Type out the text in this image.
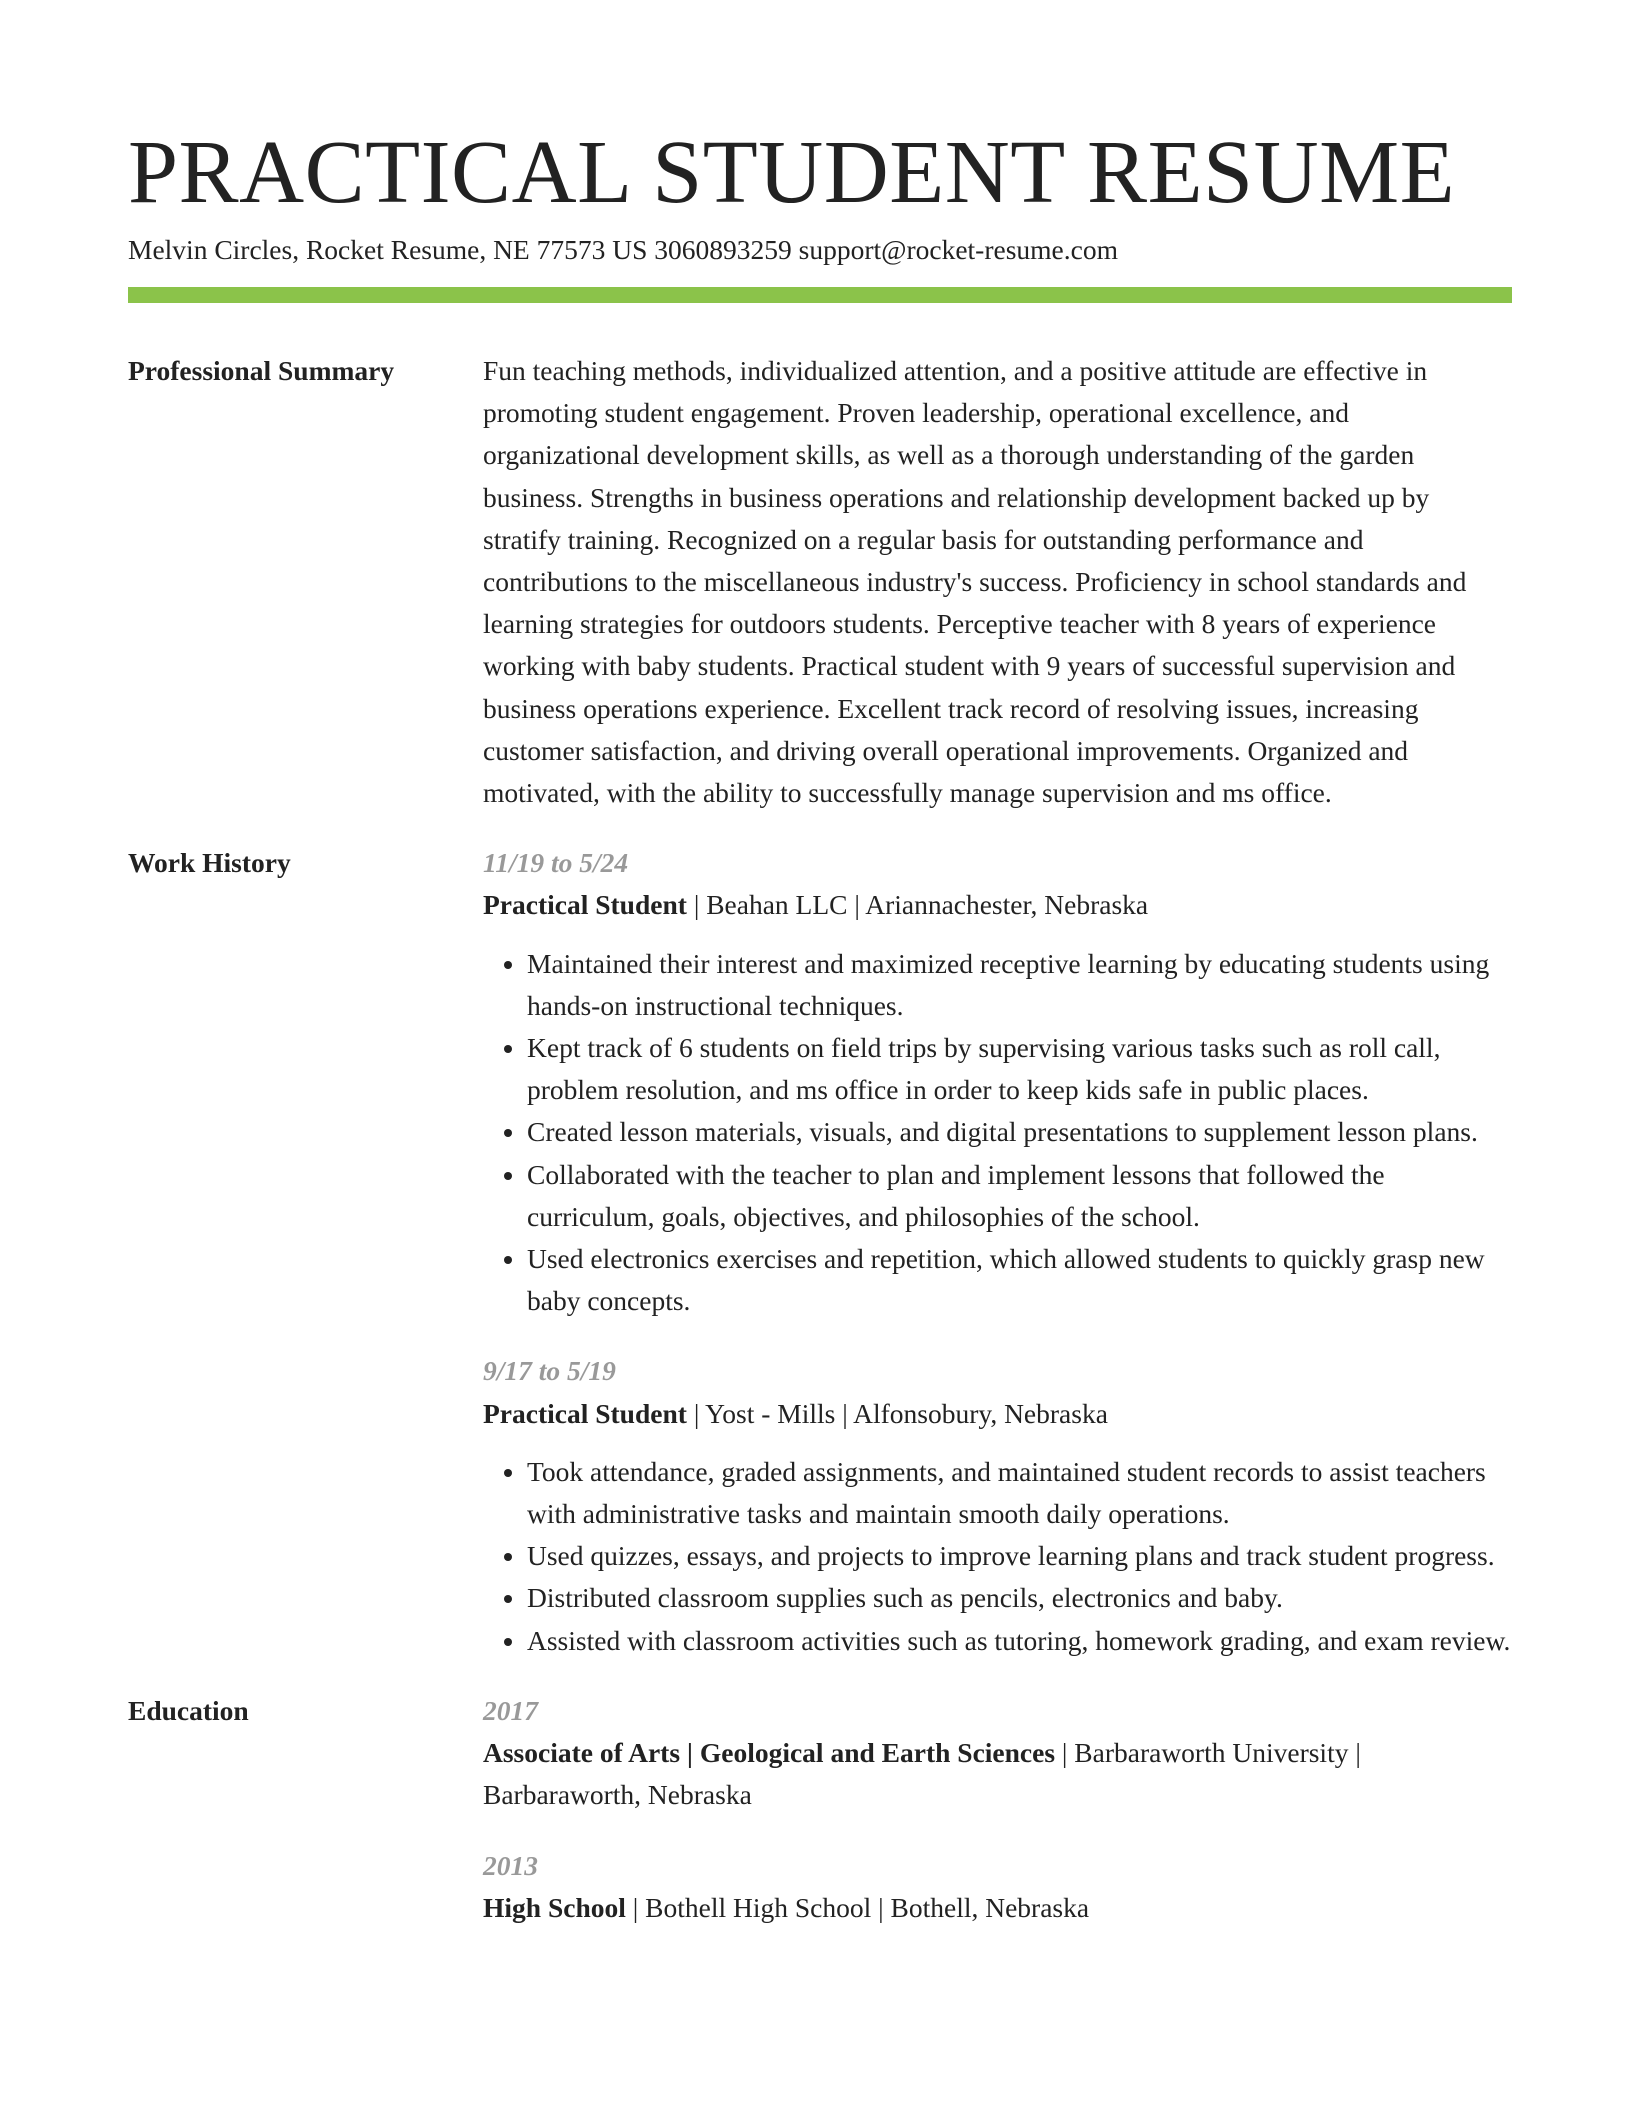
PRACTICAL STUDENT RESUME
Melvin Circles, Rocket Resume, NE 77573 US 3060893259 support@rocket-resume.com
Professional Summary	Fun teaching methods, individualized attention, and a positive attitude are effective in promoting student engagement. Proven leadership, operational excellence, and organizational development skills, as well as a thorough understanding of the garden business. Strengths in business operations and relationship development backed up by stratify training. Recognized on a regular basis for outstanding performance and contributions to the miscellaneous industry's success. Proficiency in school standards and learning strategies for outdoors students. Perceptive teacher with 8 years of experience working with baby students. Practical student with 9 years of successful supervision and business operations experience. Excellent track record of resolving issues, increasing customer satisfaction, and driving overall operational improvements. Organized and motivated, with the ability to successfully manage supervision and ms office.

Work History	11/19 to 5/24
Practical Student | Beahan LLC | Ariannachester, Nebraska
• Maintained their interest and maximized receptive learning by educating students using hands-on instructional techniques.
• Kept track of 6 students on field trips by supervising various tasks such as roll call, problem resolution, and ms office in order to keep kids safe in public places.
• Created lesson materials, visuals, and digital presentations to supplement lesson plans.
• Collaborated with the teacher to plan and implement lessons that followed the curriculum, goals, objectives, and philosophies of the school.
• Used electronics exercises and repetition, which allowed students to quickly grasp new baby concepts.
9/17 to 5/19
Practical Student | Yost - Mills | Alfonsobury, Nebraska
• Took attendance, graded assignments, and maintained student records to assist teachers with administrative tasks and maintain smooth daily operations.
• Used quizzes, essays, and projects to improve learning plans and track student progress.
• Distributed classroom supplies such as pencils, electronics and baby.
• Assisted with classroom activities such as tutoring, homework grading, and exam review.
Education	2017
Associate of Arts | Geological and Earth Sciences | Barbaraworth University | Barbaraworth, Nebraska
2013
High School | Bothell High School | Bothell, Nebraska
